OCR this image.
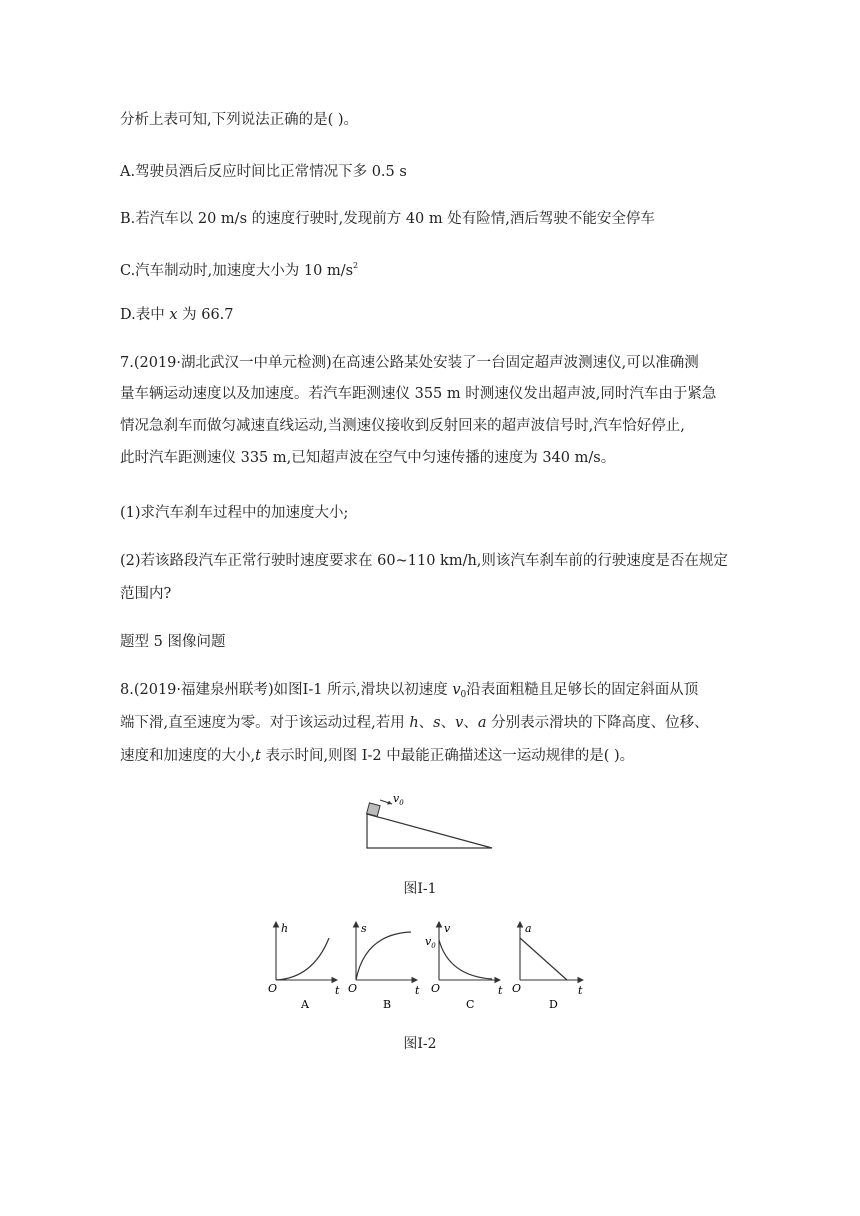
分析上表可知,下列说法正确的是( )。
A.驾驶员酒后反应时间比正常情况下多 0.5 s
B.若汽车以 20 m/s 的速度行驶时,发现前方 40 m 处有险情,酒后驾驶不能安全停车
C.汽车制动时,加速度大小为 10 $m/s^2$
D.表中 x 为 66.7
7.(2019·湖北武汉一中单元检测)在高速公路某处安装了一台固定超声波测速仪,可以准确测
量车辆运动速度以及加速度。若汽车距测速仪 355 m 时测速仪发出超声波,同时汽车由于紧急
情况急刹车而做匀减速直线运动,当测速仪接收到反射回来的超声波信号时,汽车恰好停止,
此时汽车距测速仪 335 m,已知超声波在空气中匀速传播的速度为 340 m/s。
(1)求汽车刹车过程中的加速度大小;
(2)若该路段汽车正常行驶时速度要求在 60~110 km/h,则该汽车刹车前的行驶速度是否在规定
范围内?
题型 5 图像问题
8.(2019·福建泉州联考)如图Ⅰ-1 所示,滑块以初速度 $v_0$沿表面粗糙且足够长的固定斜面从顶
端下滑,直至速度为零。对于该运动过程,若用 h、s、v、a 分别表示滑块的下降高度、位移、
速度和加速度的大小,t 表示时间,则图 Ⅰ-2 中最能正确描述这一运动规律的是( )。
$v_0$
图Ⅰ-1
h
O	t
A
s
O	t
B
v
$v_0$
O	t
C
a
O	t
D
图Ⅰ-2
